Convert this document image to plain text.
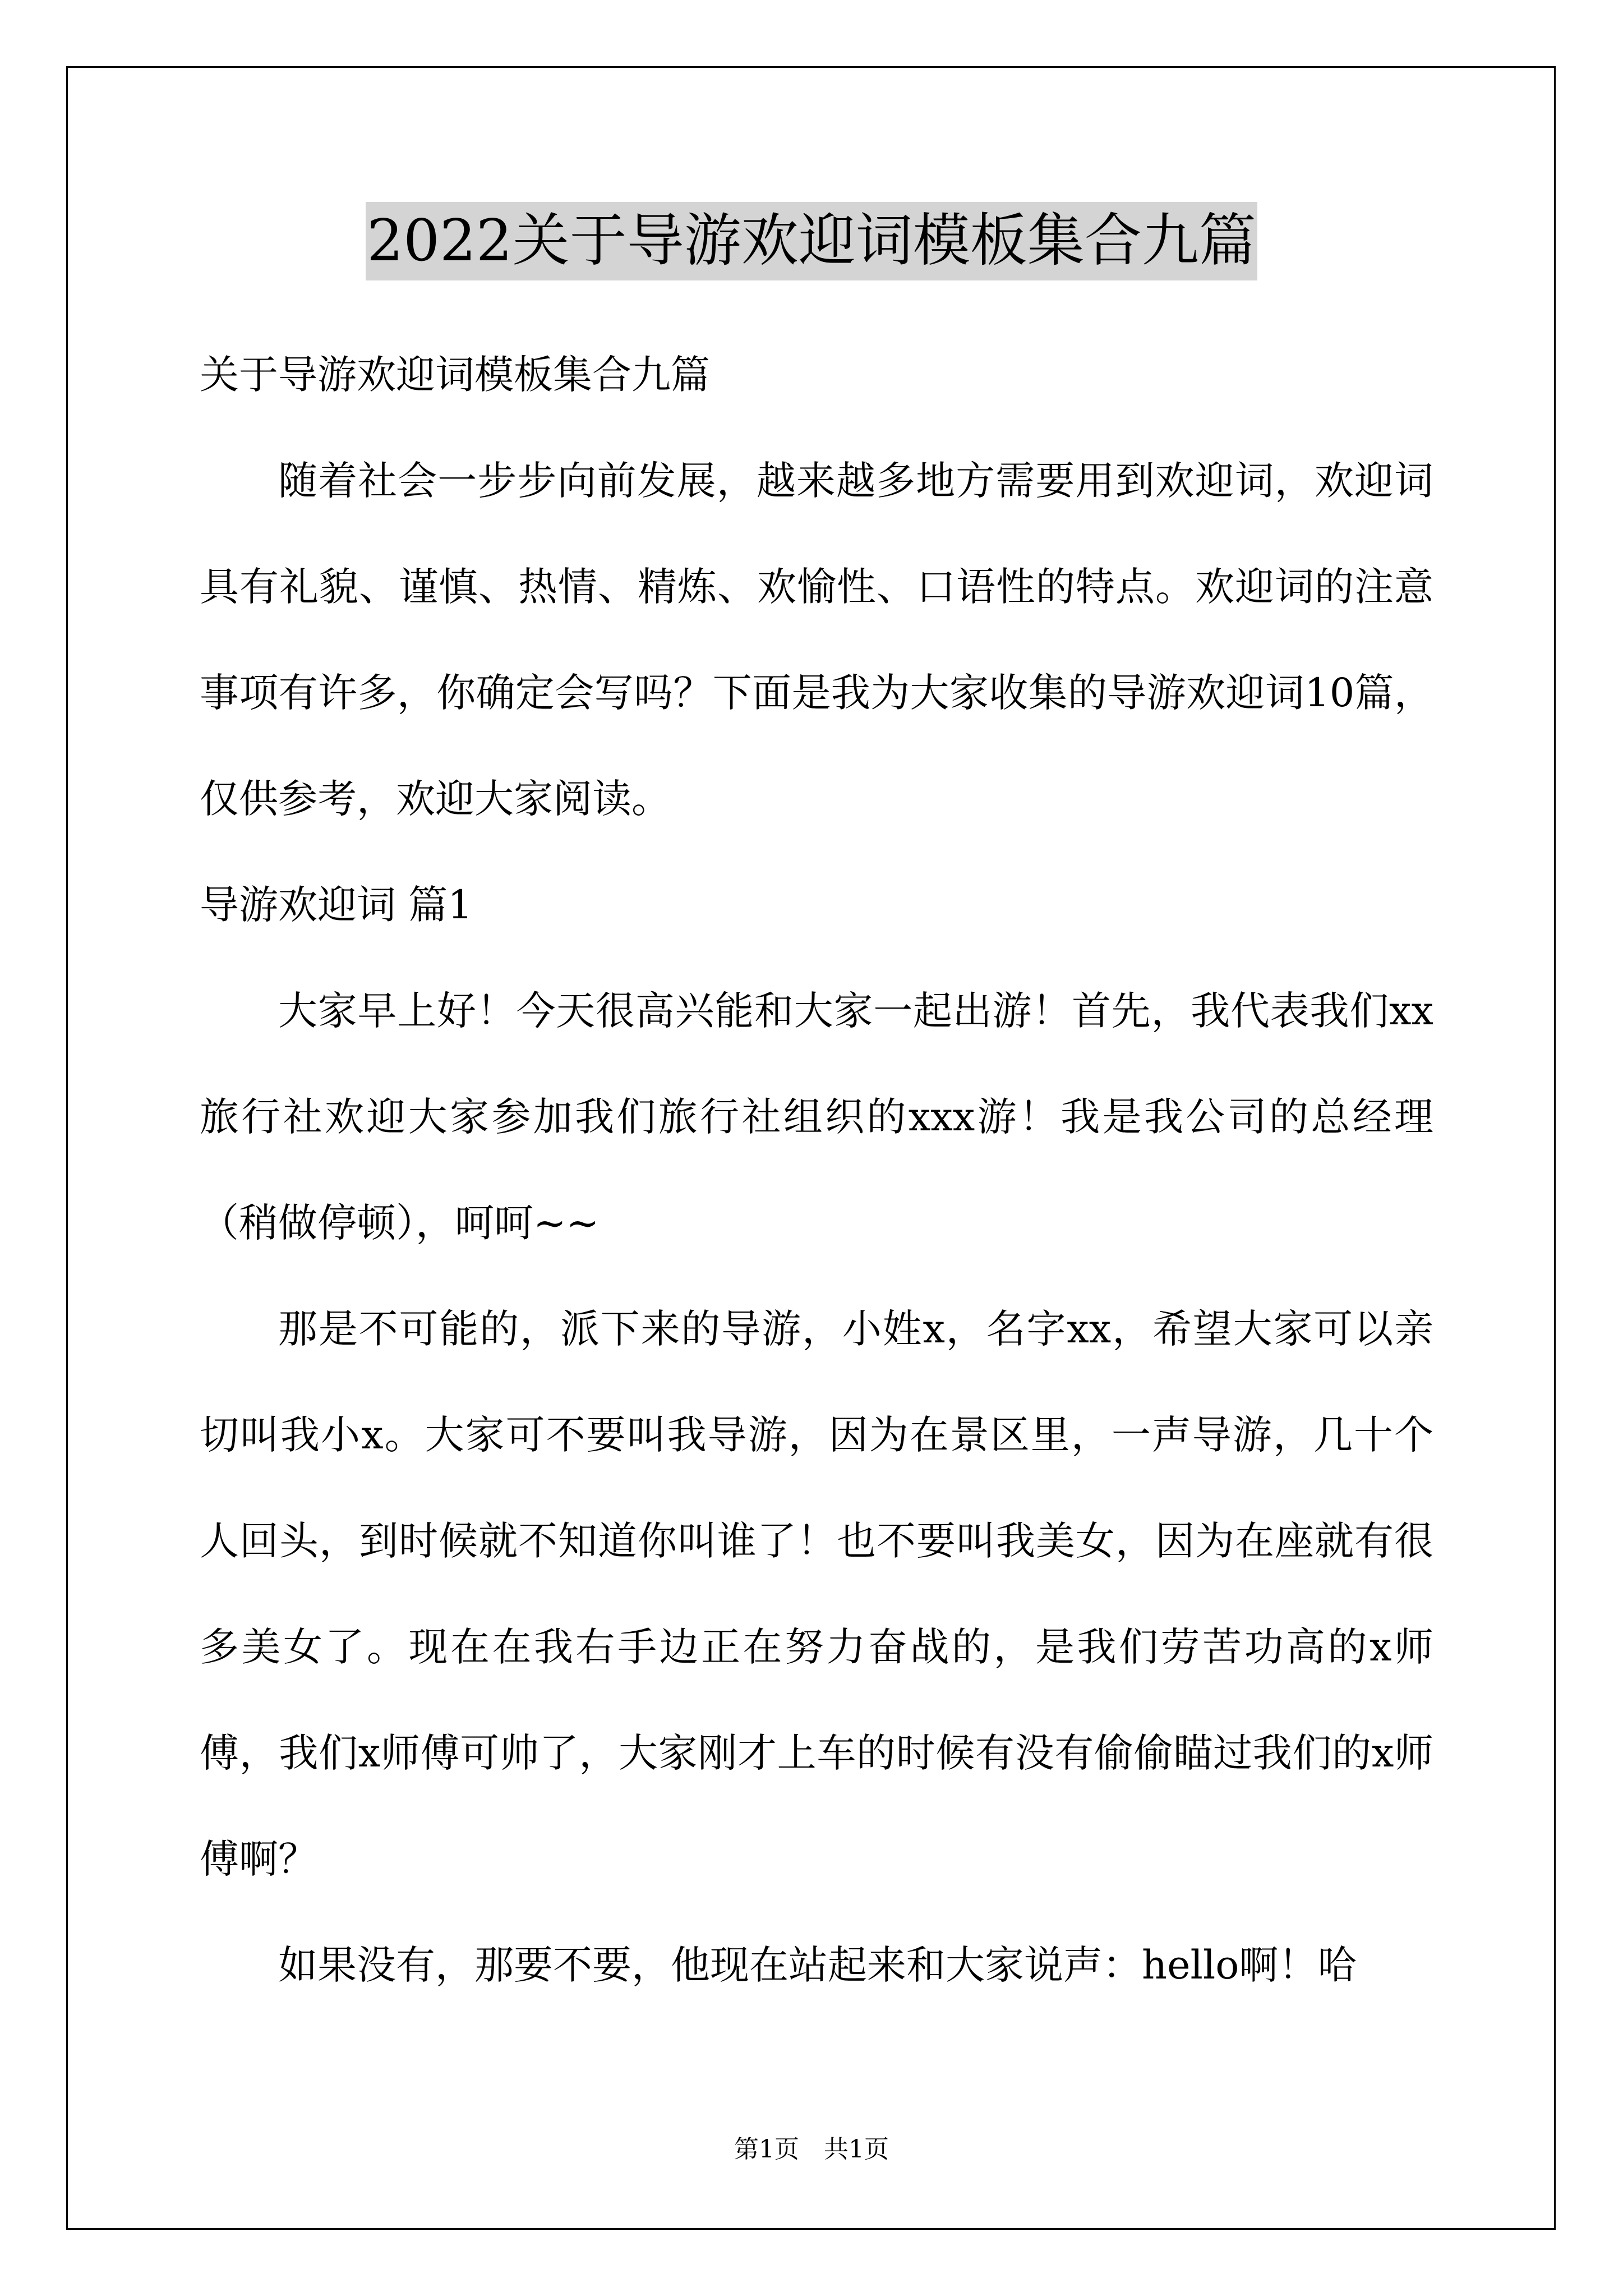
2022关于导游欢迎词模板集合九篇

关于导游欢迎词模板集合九篇

随着社会一步步向前发展，越来越多地方需要用到欢迎词，欢迎词具有礼貌、谨慎、热情、精炼、欢愉性、口语性的特点。欢迎词的注意事项有许多，你确定会写吗？下面是我为大家收集的导游欢迎词10篇，仅供参考，欢迎大家阅读。

导游欢迎词 篇1

大家早上好！今天很高兴能和大家一起出游！首先，我代表我们xx旅行社欢迎大家参加我们旅行社组织的xxx游！我是我公司的总经理（稍做停顿），呵呵~~

那是不可能的，派下来的导游，小姓x，名字xx，希望大家可以亲切叫我小x。大家可不要叫我导游，因为在景区里，一声导游，几十个人回头，到时候就不知道你叫谁了！也不要叫我美女，因为在座就有很多美女了。现在在我右手边正在努力奋战的，是我们劳苦功高的x师傅，我们x师傅可帅了，大家刚才上车的时候有没有偷偷瞄过我们的x师傅啊？

如果没有，那要不要，他现在站起来和大家说声：hello啊！哈

第1页　共1页
